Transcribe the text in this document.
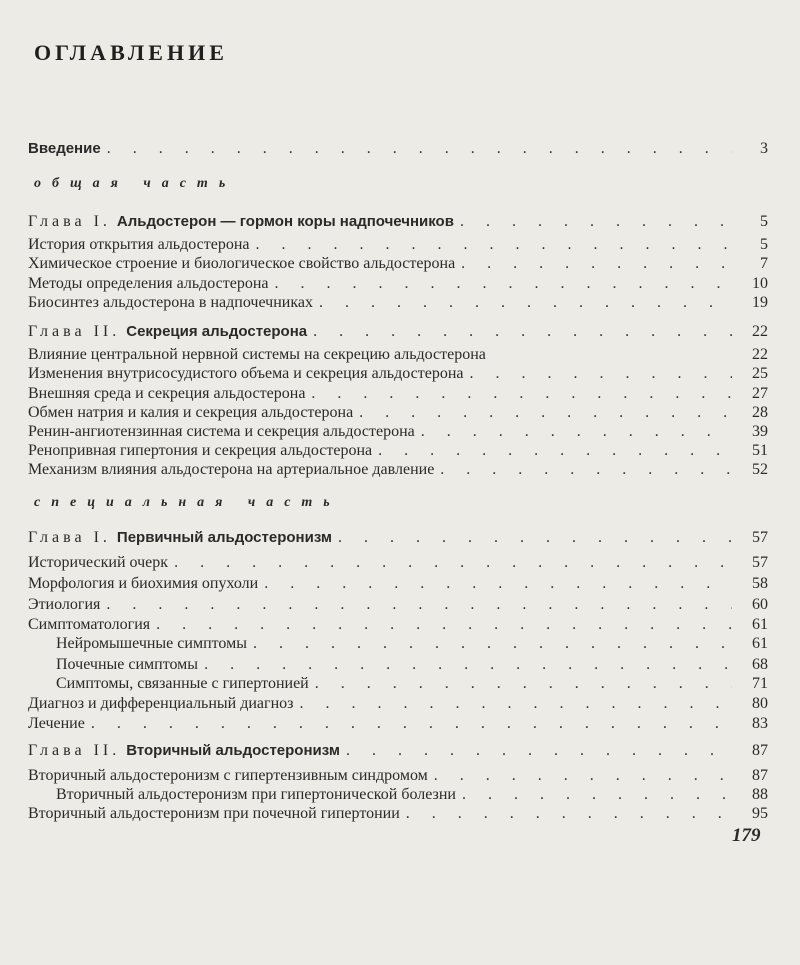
ОГЛАВЛЕНИЕ
Введение . . .	3
общая часть
Глава I. Альдостерон — гормон коры надпочечников . . .	5
История открытия альдостерона . . .	5
Химическое строение и биологическое свойство альдостерона . . .	7
Методы определения альдостерона . . .	10
Биосинтез альдостерона в надпочечниках . . .	19
Глава II. Секреция альдостерона . . .	22
Влияние центральной нервной системы на секрецию альдостерона	22
Изменения внутрисосудистого объема и секреция альдостерона . . .	25
Внешняя среда и секреция альдостерона . . .	27
Обмен натрия и калия и секреция альдостерона . . .	28
Ренин-ангиотензинная система и секреция альдостерона . . .	39
Ренопривная гипертония и секреция альдостерона . . .	51
Механизм влияния альдостерона на артериальное давление . . .	52
специальная часть
Глава I. Первичный альдостеронизм . . .	57
Исторический очерк . . .	57
Морфология и биохимия опухоли . . .	58
Этиология . . .	60
Симптоматология . . .	61
Нейромышечные симптомы . . .	61
Почечные симптомы . . .	68
Симптомы, связанные с гипертонией . . .	71
Диагноз и дифференциальный диагноз . . .	80
Лечение . . .	83
Глава II. Вторичный альдостеронизм . . .	87
Вторичный альдостеронизм с гипертензивным синдромом . . .	87
Вторичный альдостеронизм при гипертонической болезни . . .	88
Вторичный альдостеронизм при почечной гипертонии . . .	95
179
